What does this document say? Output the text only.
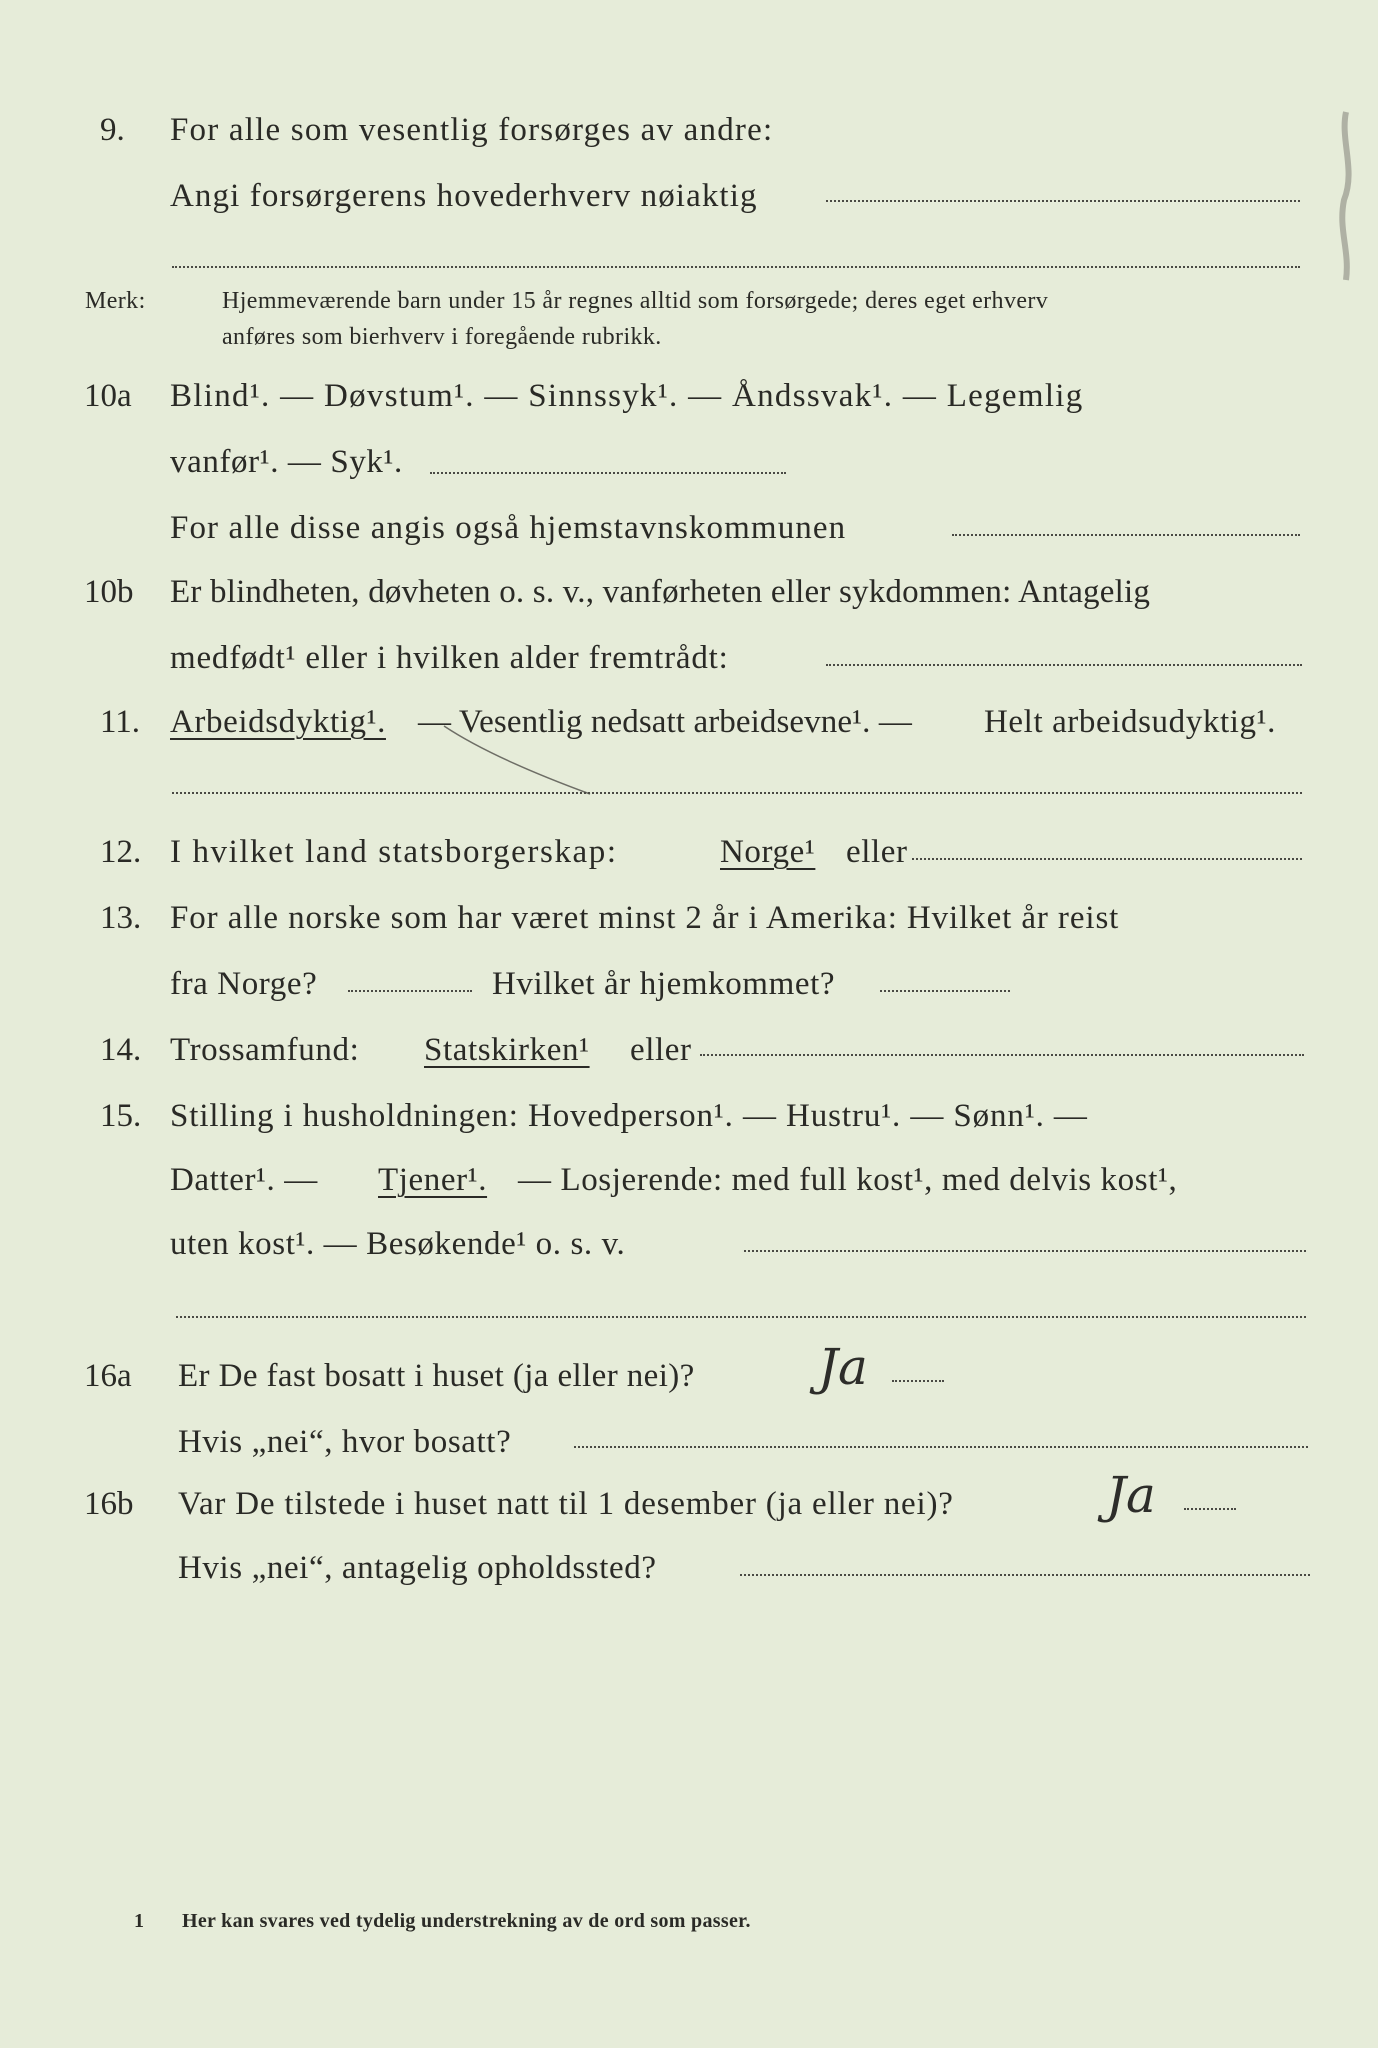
9. For alle som vesentlig forsørges av andre:
Angi forsørgerens hovederhverv nøiaktig
Merk:	Hjemmeværende barn under 15 år regnes alltid som forsørgede; deres eget erhverv
anføres som bierhverv i foregående rubrikk.
10a Blind¹. — Døvstum¹. — Sinnssyk¹. — Åndssvak¹. — Legemlig
vanfør¹. — Syk¹.
For alle disse angis også hjemstavnskommunen
10b Er blindheten, døvheten o. s. v., vanførheten eller sykdommen: Antagelig
medfødt¹ eller i hvilken alder fremtrådt:
11. Arbeidsdyktig¹. — Vesentlig nedsatt arbeidsevne¹. — Helt arbeidsudyktig¹.
12. I hvilket land statsborgerskap:	Norge¹ eller
13. For alle norske som har været minst 2 år i Amerika: Hvilket år reist
fra Norge?	Hvilket år hjemkommet?
14. Trossamfund: Statskirken¹ eller
15. Stilling i husholdningen: Hovedperson¹. — Hustru¹. — Sønn¹. —
Datter¹. — Tjener¹. — Losjerende: med full kost¹, med delvis kost¹,
uten kost¹. — Besøkende¹ o. s. v.
16a Er De fast bosatt i huset (ja eller nei)? Ja
Hvis „nei“, hvor bosatt?
16b Var De tilstede i huset natt til 1 desember (ja eller nei)?	Ja
Hvis „nei“, antagelig opholdssted?
1 Her kan svares ved tydelig understrekning av de ord som passer.
